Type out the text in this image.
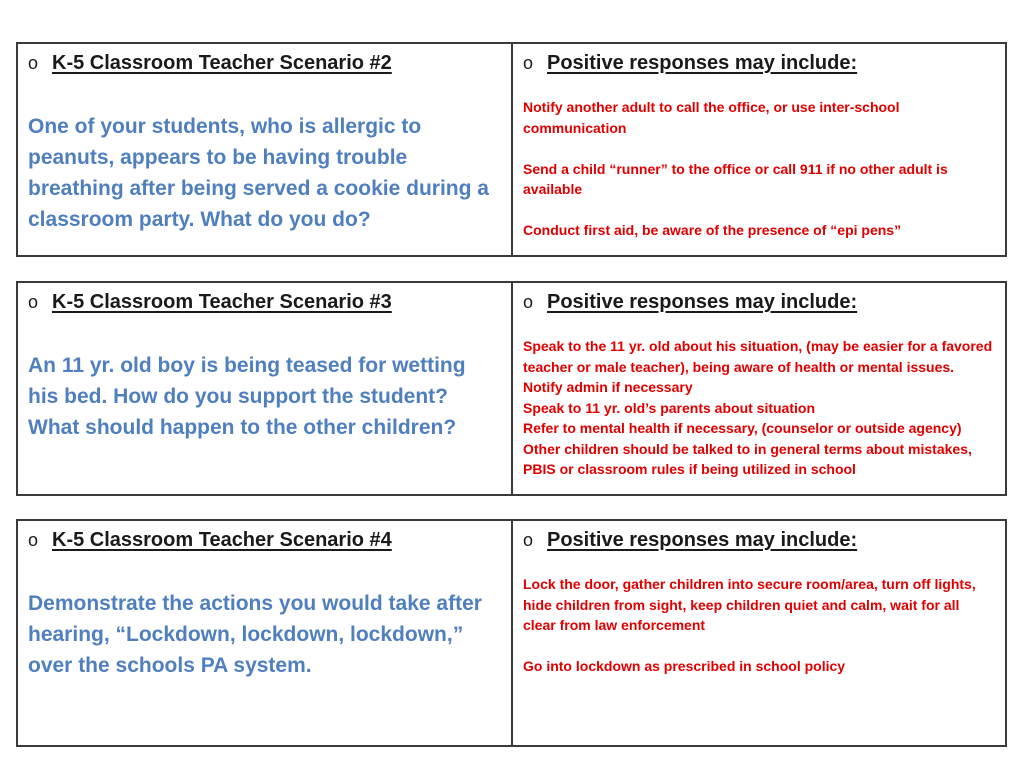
o K-5 Classroom Teacher Scenario #2
One of your students, who is allergic to peanuts, appears to be having trouble breathing after being served a cookie during a classroom party. What do you do?
o Positive responses may include:
Notify another adult to call the office, or use inter-school communication
Send a child “runner” to the office or call 911 if no other adult is available
Conduct first aid, be aware of the presence of “epi pens”
o K-5 Classroom Teacher Scenario #3
An 11 yr. old boy is being teased for wetting his bed. How do you support the student? What should happen to the other children?
o Positive responses may include:
Speak to the 11 yr. old about his situation, (may be easier for a favored teacher or male teacher), being aware of health or mental issues. Notify admin if necessary
Speak to 11 yr. old’s parents about situation
Refer to mental health if necessary, (counselor or outside agency)
Other children should be talked to in general terms about mistakes, PBIS or classroom rules if being utilized in school
o K-5 Classroom Teacher Scenario #4
Demonstrate the actions you would take after hearing, “Lockdown, lockdown, lockdown,” over the schools PA system.
o Positive responses may include:
Lock the door, gather children into secure room/area, turn off lights, hide children from sight, keep children quiet and calm, wait for all clear from law enforcement
Go into lockdown as prescribed in school policy
